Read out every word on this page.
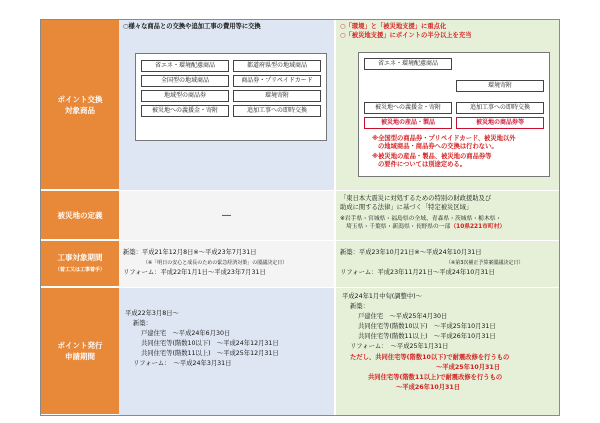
ポイント交換
対象商品
○様々な商品との交換や追加工事の費用等に交換
省エネ・環境配慮商品	都道府県型の地域商品
全国型の地域商品	商品券・プリペイドカード
地域型の商品券	環境寄附
被災地への義援金・寄附	追加工事への即時交換
○「環境」と「被災地支援」に重点化
○「被災地支援」にポイントの半分以上を充当
省エネ・環境配慮商品
環境寄附
被災地への義援金・寄附	追加工事への即時交換
被災地の産品・製品	被災地の商品券等
※全国型の商品券・プリペイドカード、被災地以外
の地域商品・商品券への交換は行わない。
※被災地の産品・製品、被災地の商品券等
の要件については別途定める。
被災地の定義	—
「東日本大震災に対処するための特別の財政援助及び
助成に関する法律」に基づく「特定被災区域」
※岩手県・宮城県・福島県の全域、青森県・茨城県・栃木県・
埼玉県・千葉県・新潟県・長野県の一部（10県221市町村）
工事対象期間
（着工又は工事着手）
新築：平成21年12月8日※～平成23年7月31日
（※「明日の安心と成長のための緊急経済対策」の閣議決定日）
リフォーム：平成22年1月1日～平成23年7月31日
新築：平成23年10月21日※～平成24年10月31日
（※第3次補正予算案閣議決定日）
リフォーム：平成23年11月21日～平成24年10月31日
ポイント発行
申請期間
平成22年3月8日～
新築：
戸建住宅　～平成24年6月30日
共同住宅等(階数10以下)　～平成24年12月31日
共同住宅等(階数11以上)　～平成25年12月31日
リフォーム：　～平成24年3月31日
平成24年1月中旬(調整中)～
新築：
戸建住宅　～平成25年4月30日
共同住宅等(階数10以下)　～平成25年10月31日
共同住宅等(階数11以上)　～平成26年10月31日
リフォーム：　～平成25年1月31日
ただし、共同住宅等(階数10以下)で耐震改修を行うもの
～平成25年10月31日
共同住宅等(階数11以上)で耐震改修を行うもの
～平成26年10月31日
